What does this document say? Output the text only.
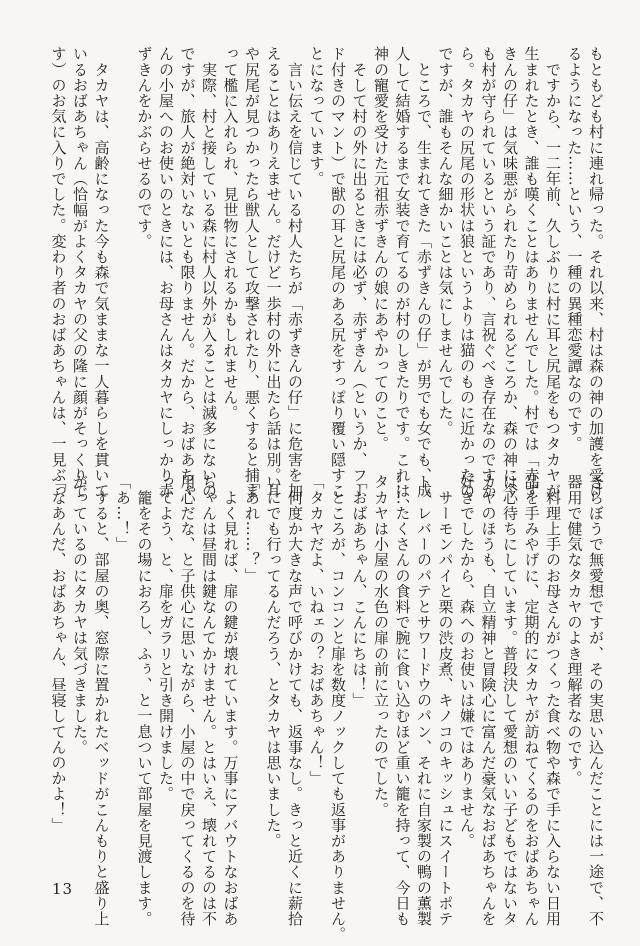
もともども村に連れ帰った。それ以来、村は森の神の加護を受け

るようになった……という、一種の異種恋愛譚なのです。

　ですから、一二年前、久しぶりに村に耳と尻尾をもつタカヤが

生まれたとき、誰も嘆くことはありませんでした。村では「赤ず

きんの仔」は気味悪がられたり苛められるどころか、森の神に今

も村が守られているという証であり、言祝ぐべき存在なのですか

ら。タカヤの尻尾の形状は狼というよりは猫のものに近かったの

ですが、誰もそんな細かいことは気にしませんでした。

　ところで、生まれてきた「赤ずきんの仔」が男でも女でも、成

人して結婚するまで女装で育てるのが村のしきたりです。これは、

神の寵愛を受けた元祖赤ずきんの娘にあやかってのこと。

　そして村の外に出るときには必ず、赤ずきん（というか、フー

ド付きのマント）で獣の耳と尻尾のある尻をすっぽり覆い隠すこ

とになっています。

　言い伝えを信じている村人たちが「赤ずきんの仔」に危害を加

えることはありえません。だけど一歩村の外に出たら話は別。耳

や尻尾が見つかったら獣人として攻撃されたり、悪くすると捕ま

って檻に入れられ、見世物にされるかもしれません。

　実際、村と接している森に村人以外が入ることは滅多にないの

ですが、旅人が絶対いないとも限りません。だから、おばあちゃ

んの小屋へのお使いのときには、お母さんはタカヤにしっかり赤

ずきんをかぶらせるのです。

　タカヤは、高齢になった今も森で気ままな一人暮らしを貫いて

いるおばあちゃん（恰幅がよくタカヤの父の隆に顔がそっくりで

す）のお気に入りでした。変わり者のおばあちゃんは、一見ぶっ

きらぼうで無愛想ですが、その実思い込んだことには一途で、不

器用で健気なタカヤのよき理解者なのです。

　料理上手のお母さんがつくった食べ物や森で手に入らない日用

品を手みやげに、定期的にタカヤが訪ねてくるのをおばあちゃん

は心待ちにしています。普段決して愛想のいい子どもではないタ

カヤのほうも、自立精神と冒険心に富んだ豪気なおばあちゃんを

好きでしたから、森へのお使いは嫌ではありません。

　サーモンパイと栗の渋皮煮、キノコのキッシュにスイートポテ

ト、レバーのパテとサワードウのパン、それに自家製の鴨の薫製

……たくさんの食料で腕に食い込むほど重い籠を持って、今日も

タカヤは小屋の水色の扉の前に立ったのでした。

「おばあちゃん、こんにちは！」

　ところが、コンコンと扉を数度ノックしても返事がありません。

「タカヤだよ、いねェの？おばあちゃん！」

　何度か大きな声で呼びかけても、返事なし。きっと近くに薪拾

いにでも行ってるんだろう、とタカヤは思いました。

「あれ……？」

　よく見れば、扉の鍵が壊れています。万事にアバウトなおばあ

ちゃんは昼間は鍵なんてかけません。とはいえ、壊れてるのは不

用心だな、と子供心に思いながら、小屋の中で戻ってくるのを待

ってよう、と、扉をガラリと引き開けました。

　籠をその場におろし、ふぅ、と一息ついて部屋を見渡します。

「あ…！」

　すると、部屋の奥、窓際に置かれたベッドがこんもりと盛り上

がっているのにタカヤは気づきました。

「なあんだ、おばあちゃん、昼寝してんのかよ！」

13
